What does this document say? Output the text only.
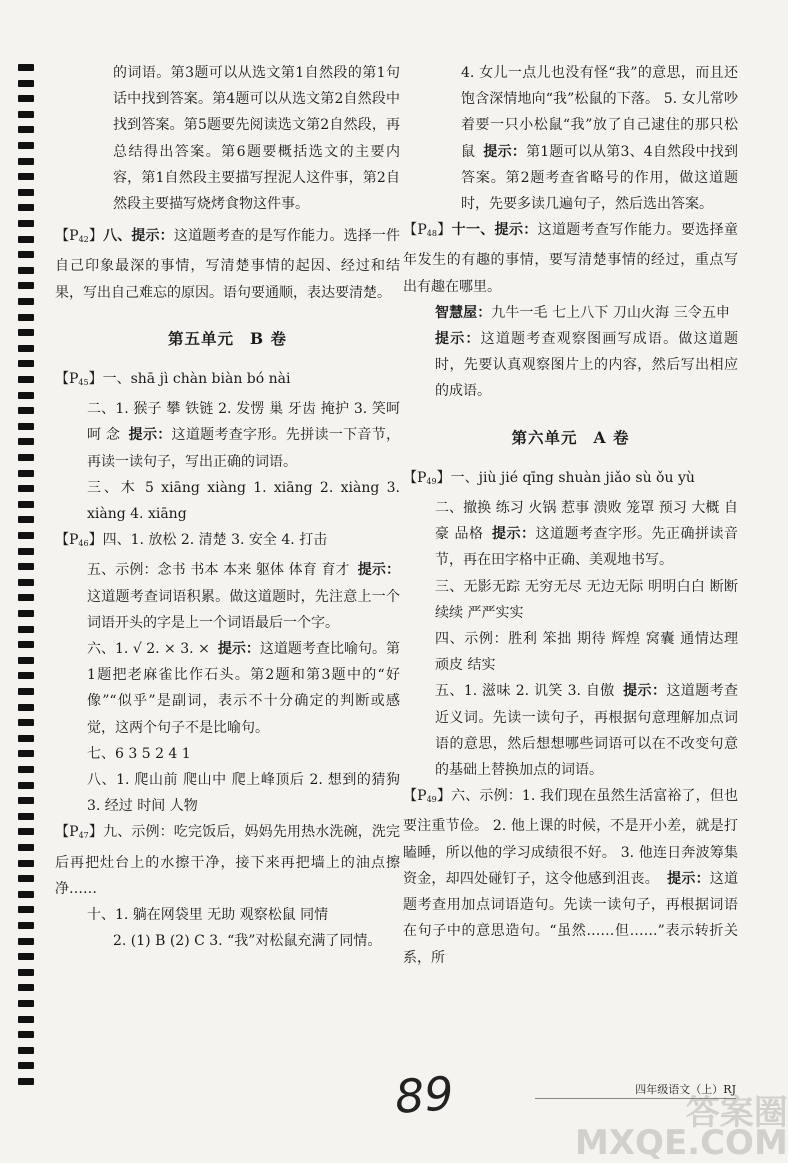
的词语。第3题可以从选文第1自然段的第1句话中找到答案。第4题可以从选文第2自然段中找到答案。第5题要先阅读选文第2自然段，再总结得出答案。第6题要概括选文的主要内容，第1自然段主要描写捏泥人这件事，第2自然段主要描写烧烤食物这件事。

【$P_{42}$】八、提示：这道题考查的是写作能力。选择一件自己印象最深的事情，写清楚事情的起因、经过和结果，写出自己难忘的原因。语句要通顺，表达要清楚。

第五单元 B 卷

【$P_{45}$】一、shā jì chàn biàn bó nài

二、1. 猴子 攀 铁链 2. 发愣 巢 牙齿 掩护 3. 笑呵呵 念 提示：这道题考查字形。先拼读一下音节，再读一读句子，写出正确的词语。

三、木 5 xiāng xiàng 1. xiāng 2. xiàng 3. xiàng 4. xiāng

【$P_{46}$】四、1. 放松 2. 清楚 3. 安全 4. 打击

五、示例：念书 书本 本来 躯体 体育 育才 提示：这道题考查词语积累。做这道题时，先注意上一个词语开头的字是上一个词语最后一个字。

六、1. √ 2. × 3. × 提示：这道题考查比喻句。第1题把老麻雀比作石头。第2题和第3题中的“好像”“似乎”是副词，表示不十分确定的判断或感觉，这两个句子不是比喻句。

七、6 3 5 2 4 1

八、1. 爬山前 爬山中 爬上峰顶后 2. 想到的猜狗 3. 经过 时间 人物

【$P_{47}$】九、示例：吃完饭后，妈妈先用热水洗碗，洗完后再把灶台上的水擦干净，接下来再把墙上的油点擦净……

十、1. 躺在网袋里 无助 观察松鼠 同情

2. (1) B (2) C 3. “我”对松鼠充满了同情。

4. 女儿一点儿也没有怪“我”的意思，而且还饱含深情地向“我”松鼠的下落。 5. 女儿常吵着要一只小松鼠“我”放了自己逮住的那只松鼠 提示：第1题可以从第3、4自然段中找到答案。第2题考查省略号的作用，做这道题时，先要多读几遍句子，然后选出答案。

【$P_{48}$】十一、提示：这道题考查写作能力。要选择童年发生的有趣的事情，要写清楚事情的经过，重点写出有趣在哪里。

智慧屋：九牛一毛 七上八下 刀山火海 三令五申提示：这道题考查观察图画写成语。做这道题时，先要认真观察图片上的内容，然后写出相应的成语。

第六单元 A 卷

【$P_{49}$】一、jiù jié qīng shuàn jiǎo sù ǒu yù

二、撤换 练习 火锅 惹事 溃败 笼罩 预习 大概 自豪 品格 提示：这道题考查字形。先正确拼读音节，再在田字格中正确、美观地书写。

三、无影无踪 无穷无尽 无边无际 明明白白 断断续续 严严实实

四、示例：胜利 笨拙 期待 辉煌 窝囊 通情达理 顽皮 结实

五、1. 滋味 2. 讥笑 3. 自傲 提示：这道题考查近义词。先读一读句子，再根据句意理解加点词语的意思，然后想想哪些词语可以在不改变句意的基础上替换加点的词语。

【$P_{49}$】六、示例：1. 我们现在虽然生活富裕了，但也要注重节俭。 2. 他上课的时候，不是开小差，就是打瞌睡，所以他的学习成绩很不好。 3. 他连日奔波筹集资金，却四处碰钉子，这令他感到沮丧。 提示：这道题考查用加点词语造句。先读一读句子，再根据词语在句子中的意思造句。“虽然……但……”表示转折关系，所

89	四年级语文（上）RJ
答案圈 MXQE.COM
